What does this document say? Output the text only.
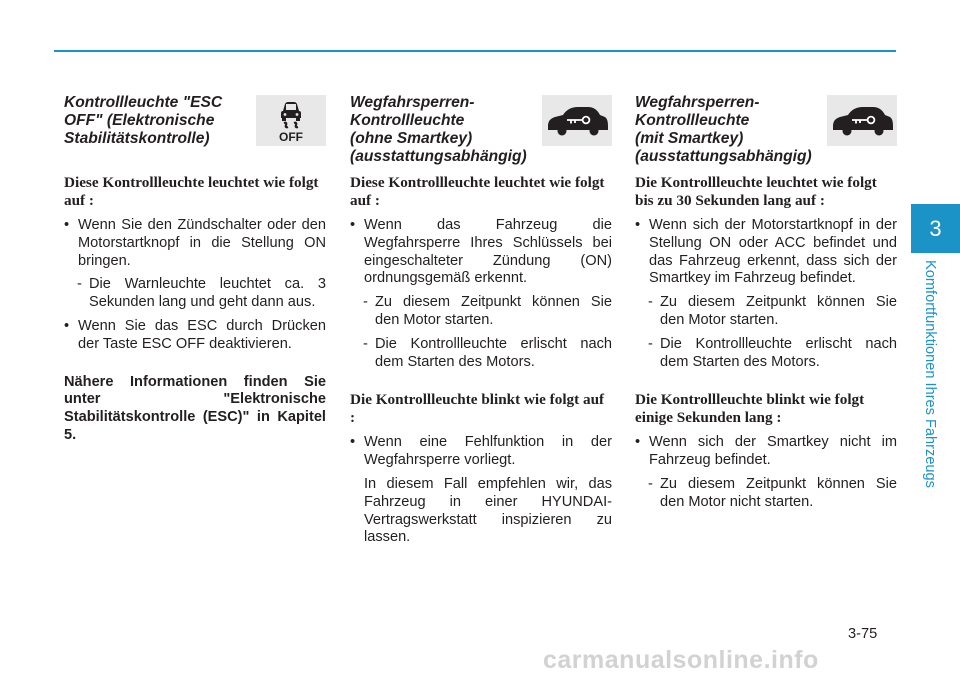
Kontrollleuchte "ESC
OFF" (Elektronische
Stabilitätskontrolle)	OFF

Diese Kontrollleuchte leuchtet wie folgt auf :

• Wenn Sie den Zündschalter oder den Motorstartknopf in die Stellung ON bringen.

- Die Warnleuchte leuchtet ca. 3 Sekunden lang und geht dann aus.

• Wenn Sie das ESC durch Drücken der Taste ESC OFF deaktivieren.

Nähere Informationen finden Sie unter "Elektronische Stabilitätskontrolle (ESC)" in Kapitel 5.

Wegfahrsperren-
Kontrollleuchte
(ohne Smartkey)
(ausstattungsabhängig)

Diese Kontrollleuchte leuchtet wie folgt auf :

• Wenn das Fahrzeug die Wegfahrsperre Ihres Schlüssels bei eingeschalteter Zündung (ON) ordnungsgemäß erkennt.

- Zu diesem Zeitpunkt können Sie den Motor starten.

- Die Kontrollleuchte erlischt nach dem Starten des Motors.

Die Kontrollleuchte blinkt wie folgt auf :

• Wenn eine Fehlfunktion in der Wegfahrsperre vorliegt.

In diesem Fall empfehlen wir, das Fahrzeug in einer HYUNDAI-Vertragswerkstatt inspizieren zu lassen.

Wegfahrsperren-
Kontrollleuchte
(mit Smartkey)
(ausstattungsabhängig)

Die Kontrollleuchte leuchtet wie folgt bis zu 30 Sekunden lang auf :

• Wenn sich der Motorstartknopf in der Stellung ON oder ACC befindet und das Fahrzeug erkennt, dass sich der Smartkey im Fahrzeug befindet.

- Zu diesem Zeitpunkt können Sie den Motor starten.

- Die Kontrollleuchte erlischt nach dem Starten des Motors.

Die Kontrollleuchte blinkt wie folgt einige Sekunden lang :

• Wenn sich der Smartkey nicht im Fahrzeug befindet.

- Zu diesem Zeitpunkt können Sie den Motor nicht starten.

3
Komfortfunktionen Ihres Fahrzeugs
3-75
carmanualsonline.info
